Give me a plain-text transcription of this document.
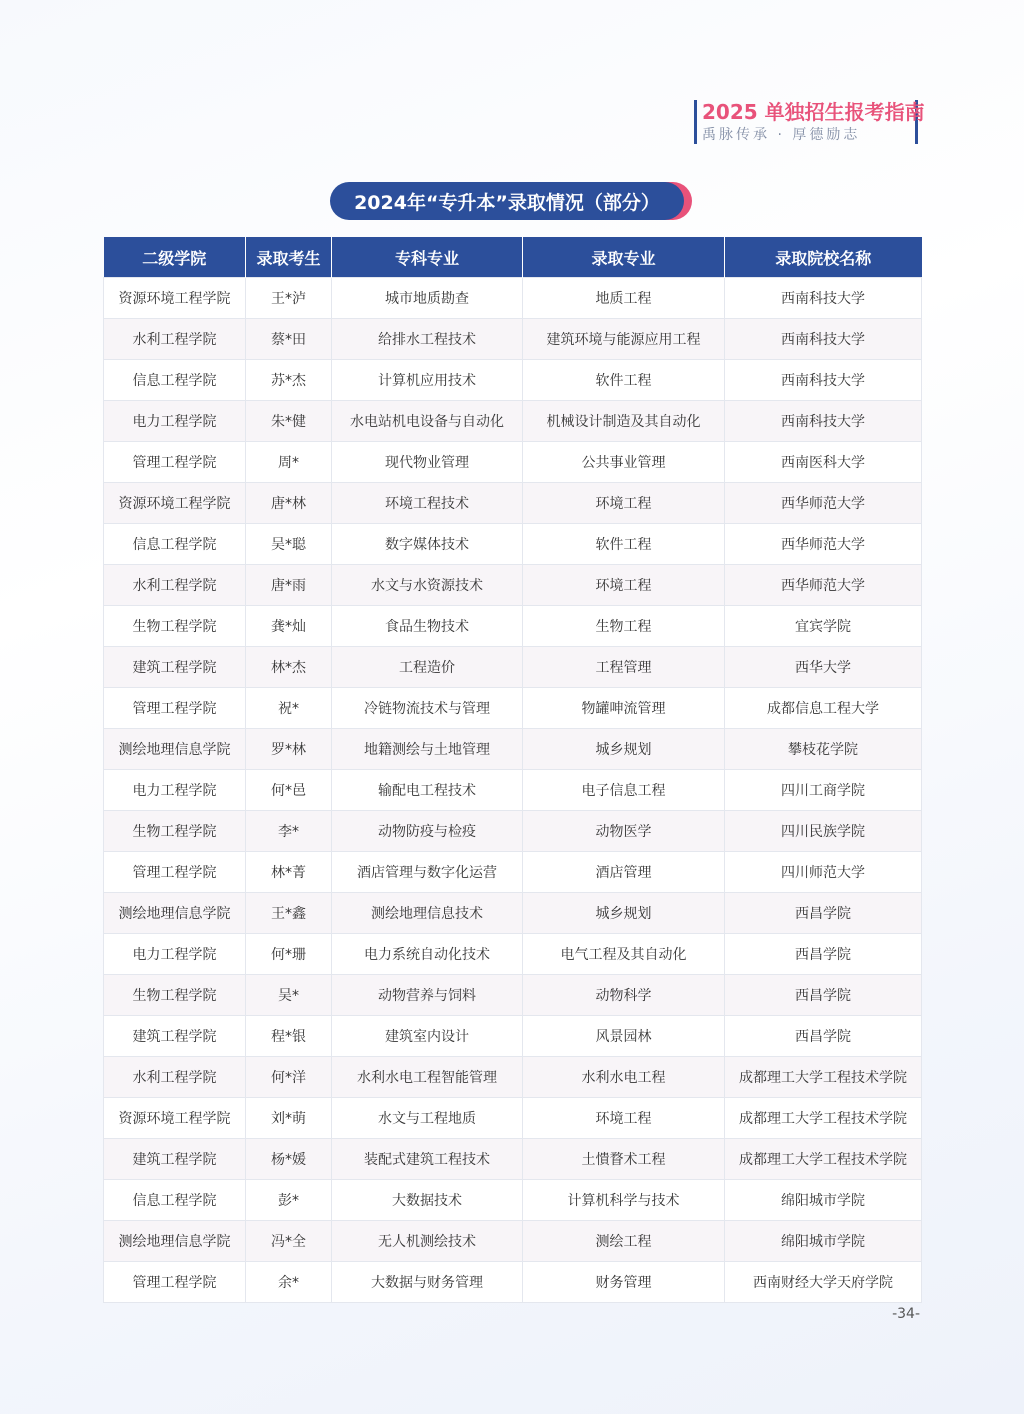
2025 单独招生报考指南
禹脉传承 · 厚德励志
2024年“专升本”录取情况（部分）
二级学院	录取考生	专科专业	录取专业	录取院校名称
资源环境工程学院	王*泸	城市地质勘查	地质工程	西南科技大学
水利工程学院	蔡*田	给排水工程技术	建筑环境与能源应用工程	西南科技大学
信息工程学院	苏*杰	计算机应用技术	软件工程	西南科技大学
电力工程学院	朱*健	水电站机电设备与自动化	机械设计制造及其自动化	西南科技大学
管理工程学院	周*	现代物业管理	公共事业管理	西南医科大学
资源环境工程学院	唐*林	环境工程技术	环境工程	西华师范大学
信息工程学院	吴*聪	数字媒体技术	软件工程	西华师范大学
水利工程学院	唐*雨	水文与水资源技术	环境工程	西华师范大学
生物工程学院	龚*灿	食品生物技术	生物工程	宜宾学院
建筑工程学院	林*杰	工程造价	工程管理	西华大学
管理工程学院	祝*	冷链物流技术与管理	物罐呻流管理	成都信息工程大学
测绘地理信息学院	罗*林	地籍测绘与土地管理	城乡规划	攀枝花学院
电力工程学院	何*邑	输配电工程技术	电子信息工程	四川工商学院
生物工程学院	李*	动物防疫与检疫	动物医学	四川民族学院
管理工程学院	林*菁	酒店管理与数字化运营	酒店管理	四川师范大学
测绘地理信息学院	王*鑫	测绘地理信息技术	城乡规划	西昌学院
电力工程学院	何*珊	电力系统自动化技术	电气工程及其自动化	西昌学院
生物工程学院	吴*	动物营养与饲料	动物科学	西昌学院
建筑工程学院	程*银	建筑室内设计	风景园林	西昌学院
水利工程学院	何*洋	水利水电工程智能管理	水利水电工程	成都理工大学工程技术学院
资源环境工程学院	刘*萌	水文与工程地质	环境工程	成都理工大学工程技术学院
建筑工程学院	杨*媛	装配式建筑工程技术	土憒瞀术工程	成都理工大学工程技术学院
信息工程学院	彭*	大数据技术	计算机科学与技术	绵阳城市学院
测绘地理信息学院	冯*全	无人机测绘技术	测绘工程	绵阳城市学院
管理工程学院	余*	大数据与财务管理	财务管理	西南财经大学天府学院
-34-
